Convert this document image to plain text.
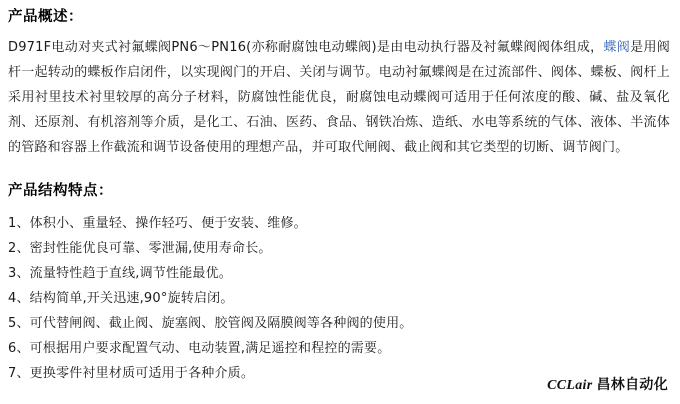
产品概述：

D971F电动对夹式衬氟蝶阀PN6～PN16(亦称耐腐蚀电动蝶阀)是由电动执行器及衬氟蝶阀阀体组成，蝶阀是用阀杆一起转动的蝶板作启闭件，以实现阀门的开启、关闭与调节。电动衬氟蝶阀是在过流部件、阀体、蝶板、阀杆上采用衬里技术衬里较厚的高分子材料，防腐蚀性能优良，耐腐蚀电动蝶阀可适用于任何浓度的酸、碱、盐及氧化剂、还原剂、有机溶剂等介质，是化工、石油、医药、食品、钢铁冶炼、造纸、水电等系统的气体、液体、半流体的管路和容器上作截流和调节设备使用的理想产品，并可取代闸阀、截止阀和其它类型的切断、调节阀门。

产品结构特点：
1、体积小、重量轻、操作轻巧、便于安装、维修。
2、密封性能优良可靠、零泄漏,使用寿命长。
3、流量特性趋于直线,调节性能最优。
4、结构简单,开关迅速,90°旋转启闭。
5、可代替闸阀、截止阀、旋塞阀、胶管阀及隔膜阀等各种阀的使用。
6、可根据用户要求配置气动、电动装置,满足遥控和程控的需要。
7、更换零件衬里材质可适用于各种介质。
CCLair 昌林自动化
